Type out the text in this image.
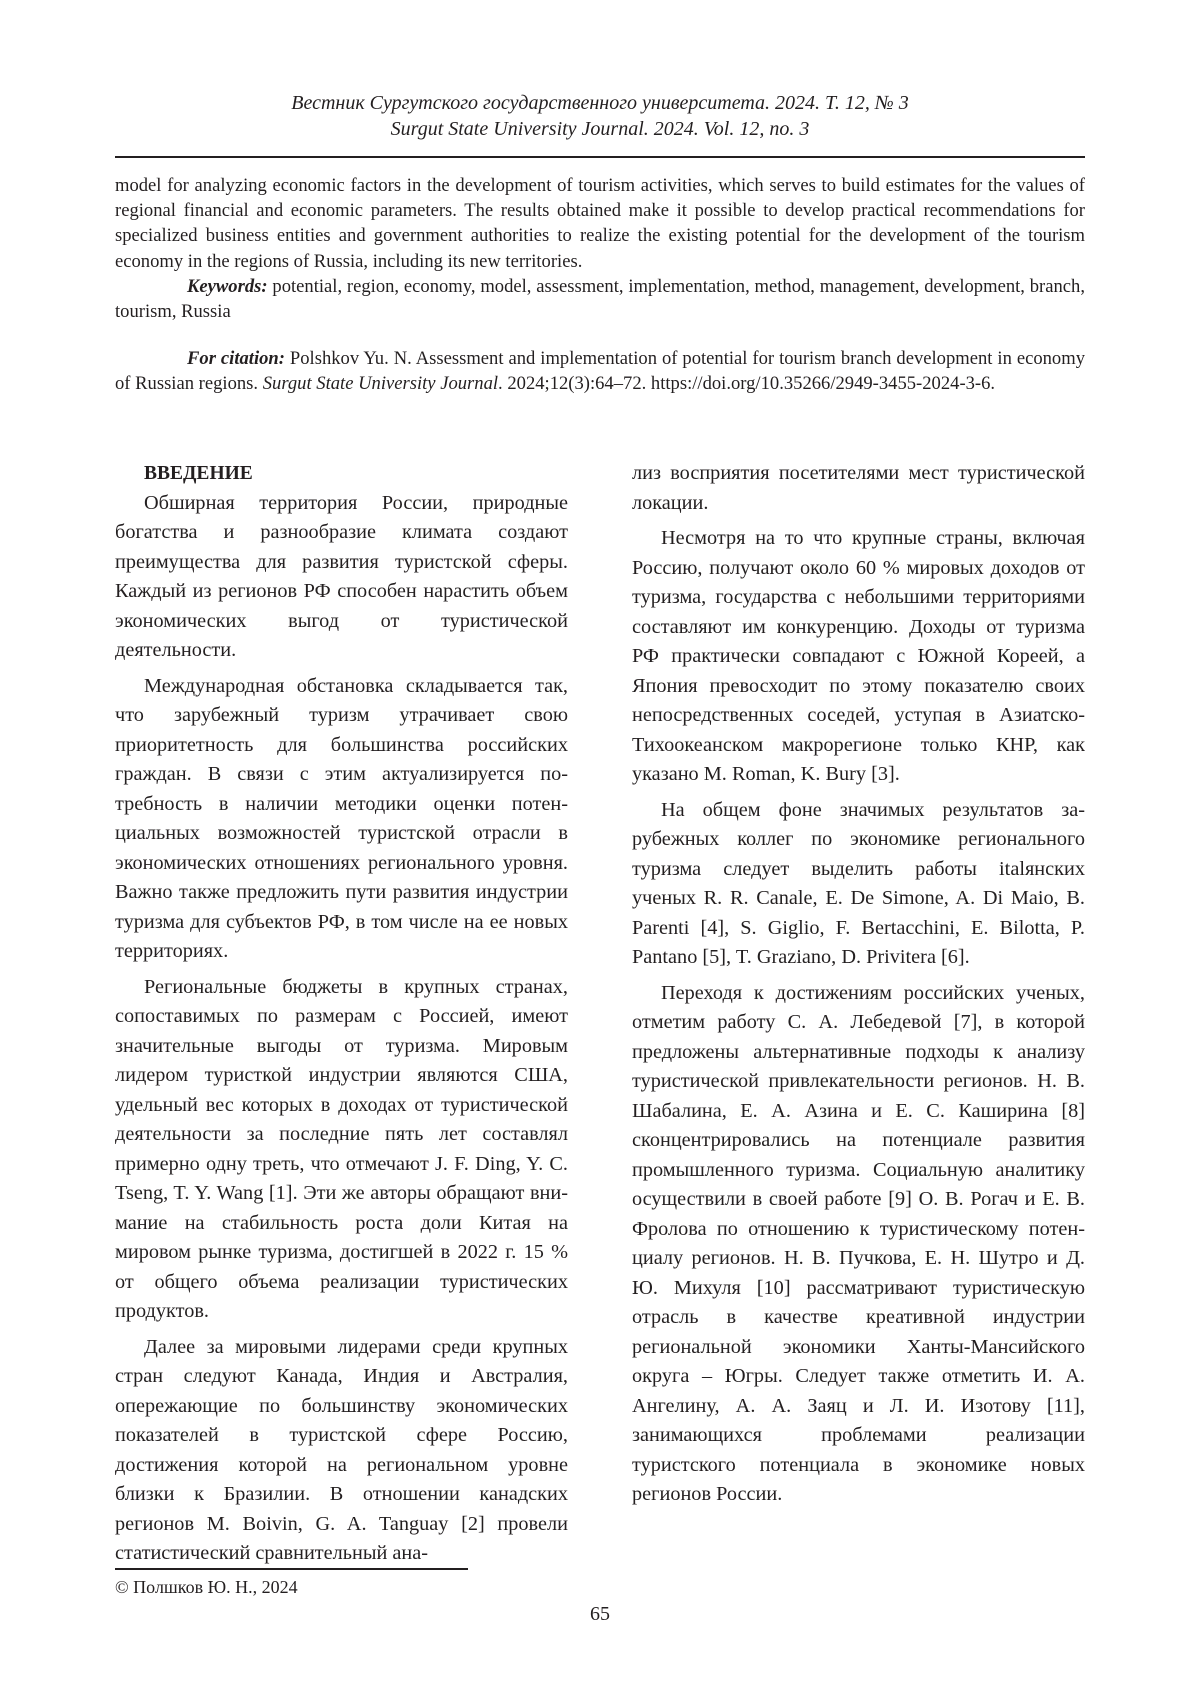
Вестник Сургутского государственного университета. 2024. Т. 12, № 3
Surgut State University Journal. 2024. Vol. 12, no. 3

model for analyzing economic factors in the development of tourism activities, which serves to build estimates for the values of regional financial and economic parameters. The results obtained make it possible to develop practical recommendations for specialized business entities and government authorities to realize the existing potential for the development of the tourism economy in the regions of Russia, including its new territories.

Keywords: potential, region, economy, model, assessment, implementation, method, management, development, branch, tourism, Russia

For citation: Polshkov Yu. N. Assessment and implementation of potential for tourism branch development in economy of Russian regions. Surgut State University Journal. 2024;12(3):64–72. https://doi.org/10.35266/2949-3455-2024-3-6.

ВВЕДЕНИЕ

Обширная территория России, природные богатства и разнообразие климата создают преимущества для развития туристской сферы. Каждый из регионов РФ способен нарастить объем экономических выгод от туристической деятельности.

Международная обстановка складывается так, что зарубежный туризм утрачивает свою приоритетность для большинства российских граждан. В связи с этим актуализируется потребность в наличии методики оценки потенциальных возможностей туристской отрасли в экономических отношениях регионального уровня. Важно также предложить пути развития индустрии туризма для субъектов РФ, в том числе на ее новых территориях.

Региональные бюджеты в крупных странах, сопоставимых по размерам с Россией, имеют значительные выгоды от туризма. Мировым лидером туристкой индустрии являются США, удельный вес которых в доходах от туристической деятельности за последние пять лет составлял примерно одну треть, что отмечают J. F. Ding, Y. C. Tseng, T. Y. Wang [1]. Эти же авторы обращают внимание на стабильность роста доли Китая на мировом рынке туризма, достигшей в 2022 г. 15 % от общего объема реализации туристических продуктов.

Далее за мировыми лидерами среди крупных стран следуют Канада, Индия и Австралия, опережающие по большинству экономических показателей в туристской сфере Россию, достижения которой на региональном уровне близки к Бразилии. В отношении канадских регионов M. Boivin, G. A. Tanguay [2] провели статистический сравнительный ана-

лиз восприятия посетителями мест туристической локации.

Несмотря на то что крупные страны, включая Россию, получают около 60 % мировых доходов от туризма, государства с небольшими территориями составляют им конкуренцию. Доходы от туризма РФ практически совпадают с Южной Кореей, а Япония превосходит по этому показателю своих непосредственных соседей, уступая в Азиатско-Тихоокеанском макрорегионе только КНР, как указано M. Roman, K. Bury [3].

На общем фоне значимых результатов зарубежных коллег по экономике регионального туризма следует выделить работы italянских ученых R. R. Canale, E. De Simone, A. Di Maio, B. Parenti [4], S. Giglio, F. Bertacchini, E. Bilotta, P. Pantano [5], T. Graziano, D. Privitera [6].

Переходя к достижениям российских ученых, отметим работу С. А. Лебедевой [7], в которой предложены альтернативные подходы к анализу туристической привлекательности регионов. Н. В. Шабалина, Е. А. Азина и Е. С. Каширина [8] сконцентрировались на потенциале развития промышленного туризма. Социальную аналитику осуществили в своей работе [9] О. В. Рогач и Е. В. Фролова по отношению к туристическому потенциалу регионов. Н. В. Пучкова, Е. Н. Шутро и Д. Ю. Михуля [10] рассматривают туристическую отрасль в качестве креативной индустрии региональной экономики Ханты-Мансийского округа – Югры. Следует также отметить И. А. Ангелину, А. А. Заяц и Л. И. Изотову [11], занимающихся проблемами реализации туристского потенциала в экономике новых регионов России.

© Полшков Ю. Н., 2024
65
